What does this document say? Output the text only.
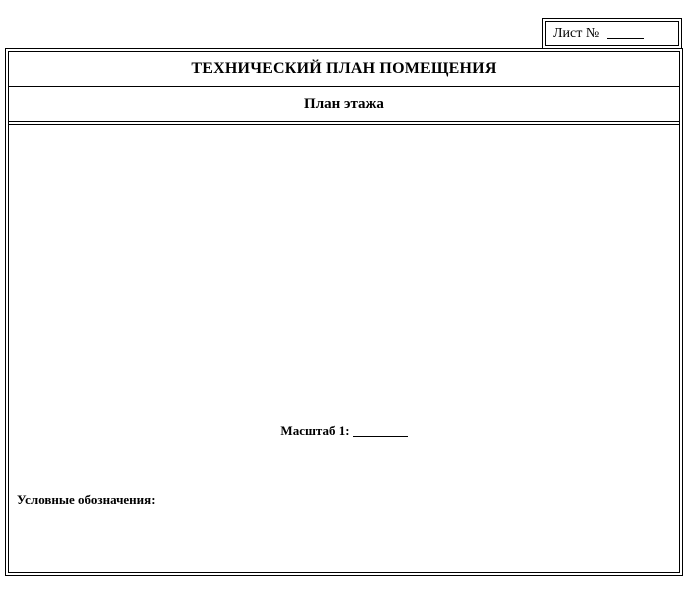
Лист №
ТЕХНИЧЕСКИЙ ПЛАН ПОМЕЩЕНИЯ
План этажа
Масштаб 1:
Условные обозначения:
